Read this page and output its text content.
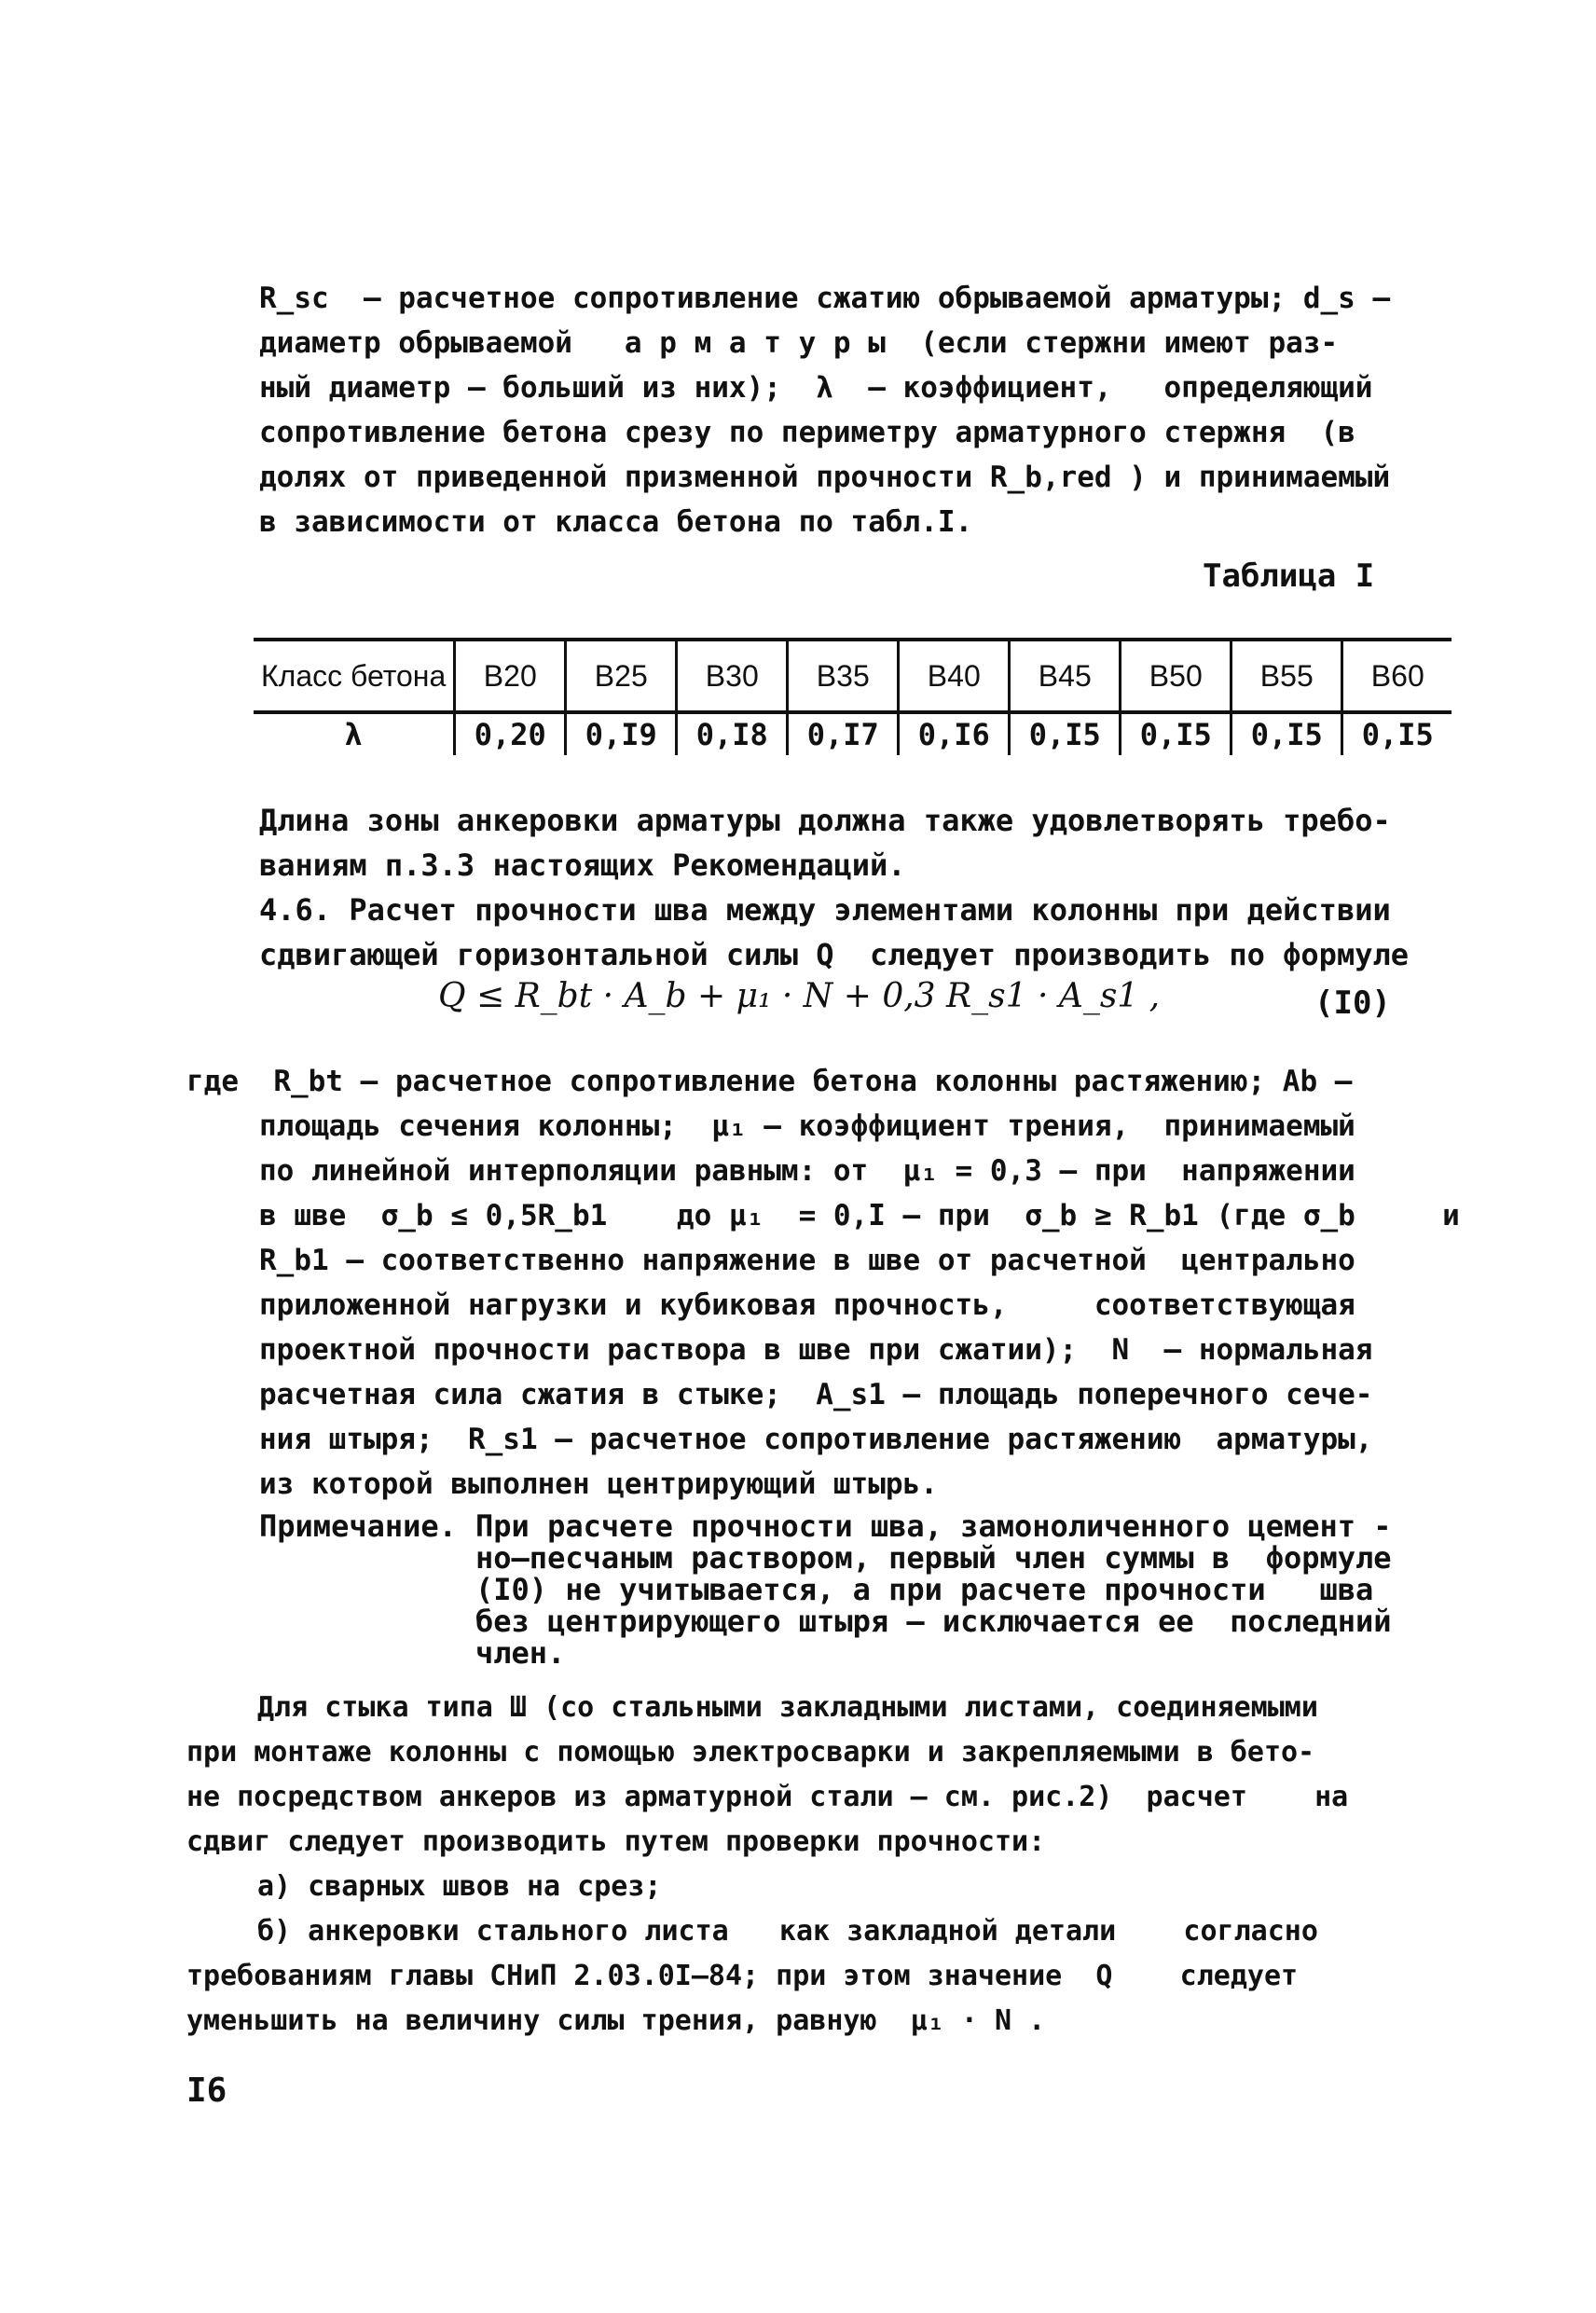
R_sc  – расчетное сопротивление сжатию обрываемой арматуры; d_s –
диаметр обрываемой   а р м а т у р ы  (если стержни имеют раз-
ный диаметр – больший из них);  λ  – коэффициент,   определяющий
сопротивление бетона срезу по периметру арматурного стержня  (в
долях от приведенной призменной прочности R_b,red ) и принимаемый
в зависимости от класса бетона по табл.I.
Таблица I
Класс бетона	B20	B25	B30	B35	B40	B45	B50	B55	B60
λ	0,20	0,I9	0,I8	0,I7	0,I6	0,I5	0,I5	0,I5	0,I5
Длина зоны анкеровки арматуры должна также удовлетворять требо-
ваниям п.3.3 настоящих Рекомендаций.
4.6. Расчет прочности шва между элементами колонны при действии
сдвигающей горизонтальной силы Q  следует производить по формуле
Q ≤ R_bt · A_b + μ₁ · N + 0,3 R_s1 · A_s1 ,	(I0)
где  R_bt – расчетное сопротивление бетона колонны растяжению; Ab –
площадь сечения колонны;  μ₁ – коэффициент трения,  принимаемый
по линейной интерполяции равным: от  μ₁ = 0,3 – при  напряжении
в шве  σ_b ≤ 0,5R_b1    до μ₁  = 0,I – при  σ_b ≥ R_b1 (где σ_b     и
R_b1 – соответственно напряжение в шве от расчетной  центрально
приложенной нагрузки и кубиковая прочность,     соответствующая
проектной прочности раствора в шве при сжатии);  N  – нормальная
расчетная сила сжатия в стыке;  A_s1 – площадь поперечного сече-
ния штыря;  R_s1 – расчетное сопротивление растяжению  арматуры,
из которой выполнен центрирующий штырь.
Примечание. При расчете прочности шва, замоноличенного цемент -
но–песчаным раствором, первый член суммы в  формуле
(I0) не учитывается, а при расчете прочности   шва
без центрирующего штыря – исключается ее  последний
член.
Для стыка типа Ш (со стальными закладными листами, соединяемыми
при монтаже колонны с помощью электросварки и закрепляемыми в бето-
не посредством анкеров из арматурной стали – см. рис.2)  расчет    на
сдвиг следует производить путем проверки прочности:
а) сварных швов на срез;
б) анкеровки стального листа   как закладной детали    согласно
требованиям главы СНиП 2.03.0I–84; при этом значение  Q    следует
уменьшить на величину силы трения, равную  μ₁ · N .
I6
